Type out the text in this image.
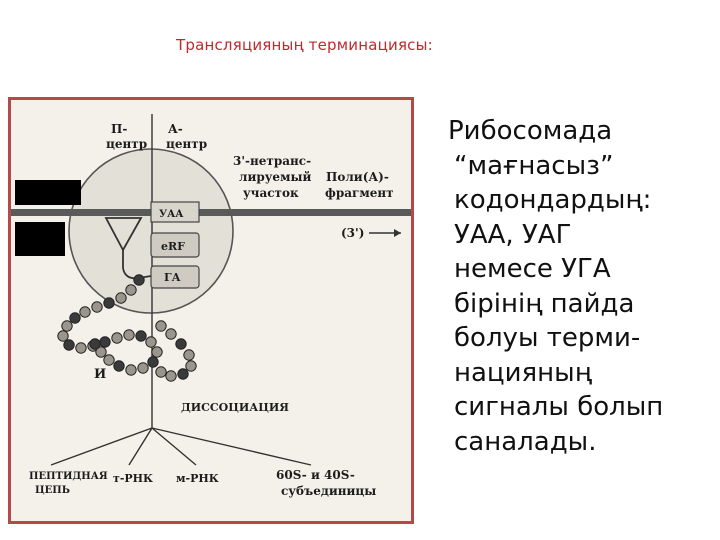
Трансляцияның терминациясы:
П-
центр
А-
центр
3'-нетранс-
лируемый
участок
Поли(А)-
фрагмент
УАА
eRF
ГА
(3')
И
ДИССОЦИАЦИЯ
ПЕПТИДНАЯ
ЦЕПЬ
т-РНК м-РНК	60S- и 40S-
субъединицы
Рибосомада
“мағнасыз”
кодондардың:
УАА, УАГ
немесе УГА
бірінің пайда
болуы терми-
нацияның
сигналы болып
саналады.
